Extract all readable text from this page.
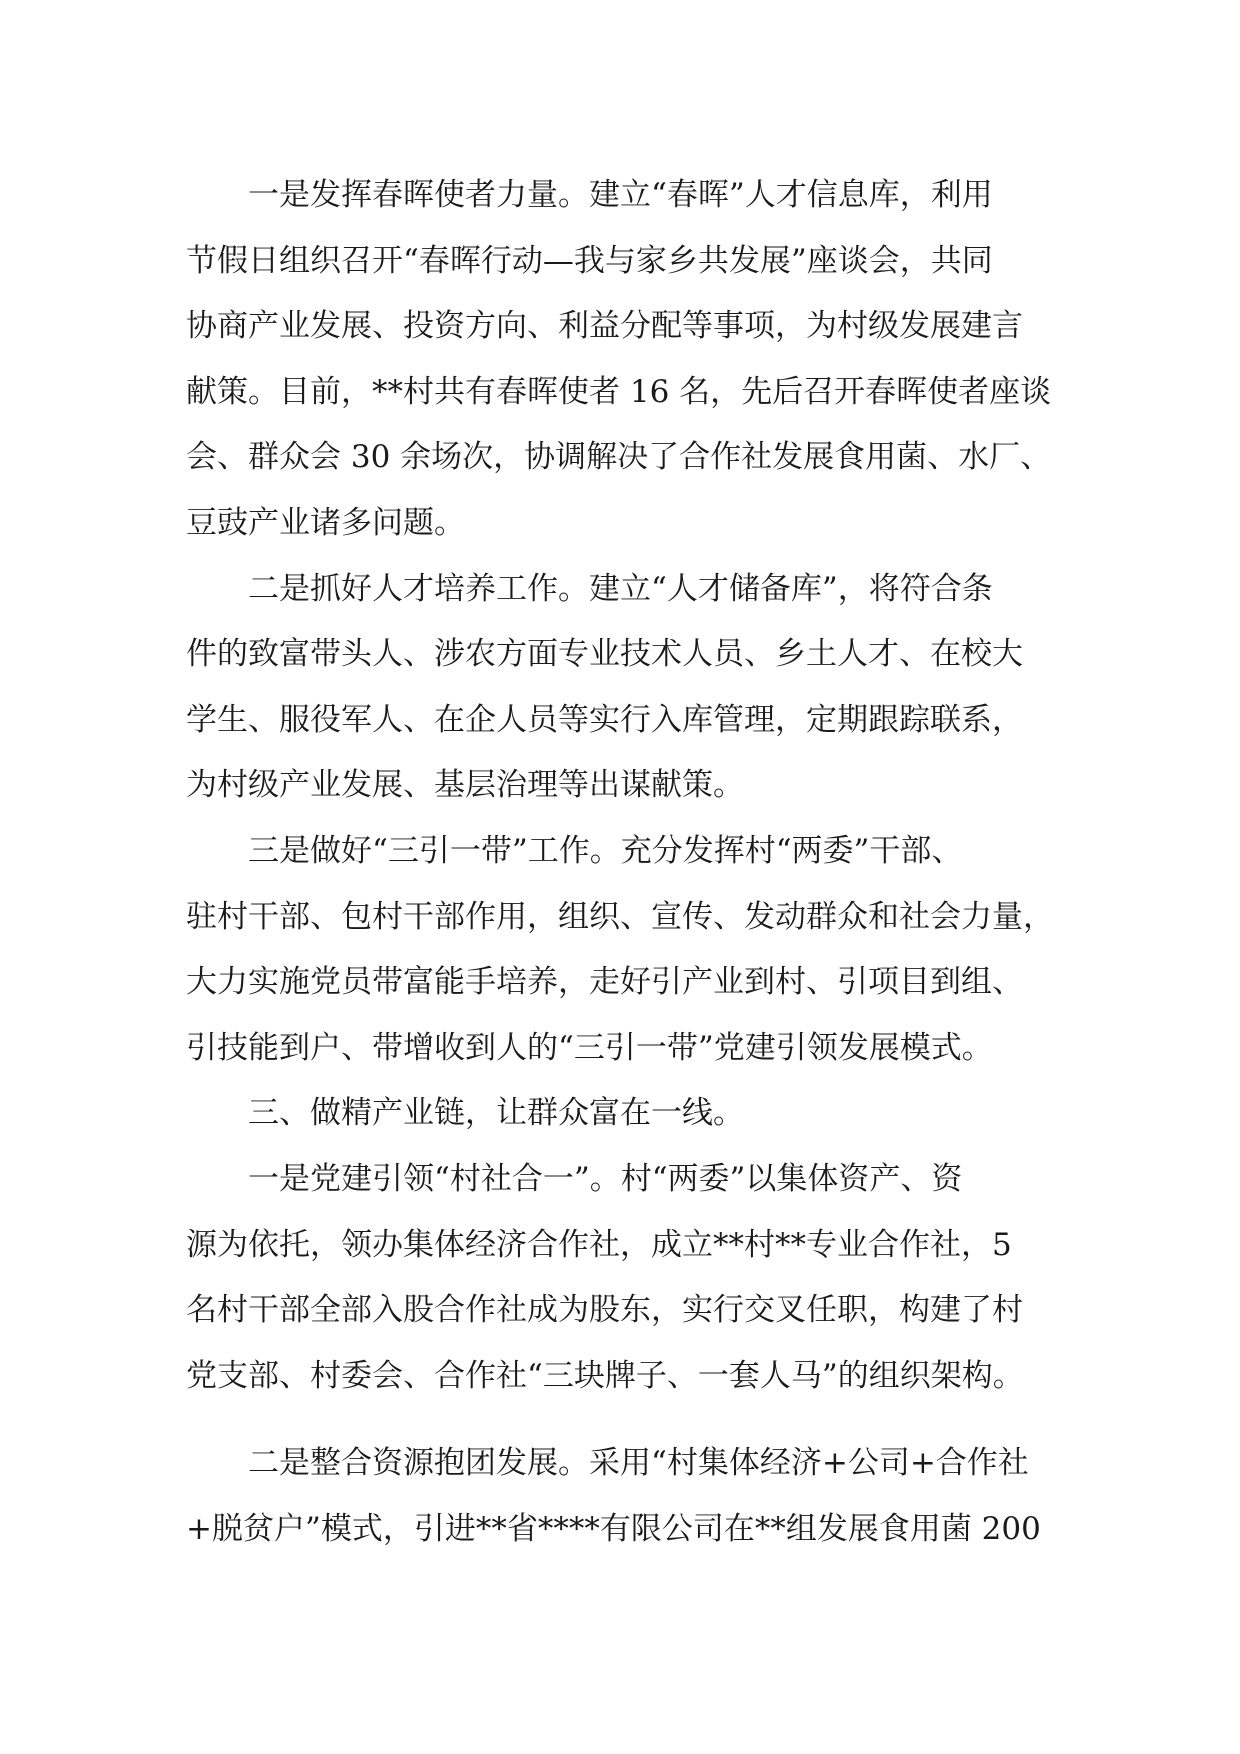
　　一是发挥春晖使者力量。建立“春晖”人才信息库，利用
节假日组织召开“春晖行动—我与家乡共发展”座谈会，共同
协商产业发展、投资方向、利益分配等事项，为村级发展建言
献策。目前，**村共有春晖使者 16 名，先后召开春晖使者座谈
会、群众会 30 余场次，协调解决了合作社发展食用菌、水厂、
豆豉产业诸多问题。
　　二是抓好人才培养工作。建立“人才储备库”，将符合条
件的致富带头人、涉农方面专业技术人员、乡土人才、在校大
学生、服役军人、在企人员等实行入库管理，定期跟踪联系，
为村级产业发展、基层治理等出谋献策。
　　三是做好“三引一带”工作。充分发挥村“两委”干部、
驻村干部、包村干部作用，组织、宣传、发动群众和社会力量，
大力实施党员带富能手培养，走好引产业到村、引项目到组、
引技能到户、带增收到人的“三引一带”党建引领发展模式。
　　三、做精产业链，让群众富在一线。
　　一是党建引领“村社合一”。村“两委”以集体资产、资
源为依托，领办集体经济合作社，成立**村**专业合作社，5
名村干部全部入股合作社成为股东，实行交叉任职，构建了村
党支部、村委会、合作社“三块牌子、一套人马”的组织架构。
　　二是整合资源抱团发展。采用“村集体经济+公司+合作社
+脱贫户”模式，引进**省****有限公司在**组发展食用菌 200
